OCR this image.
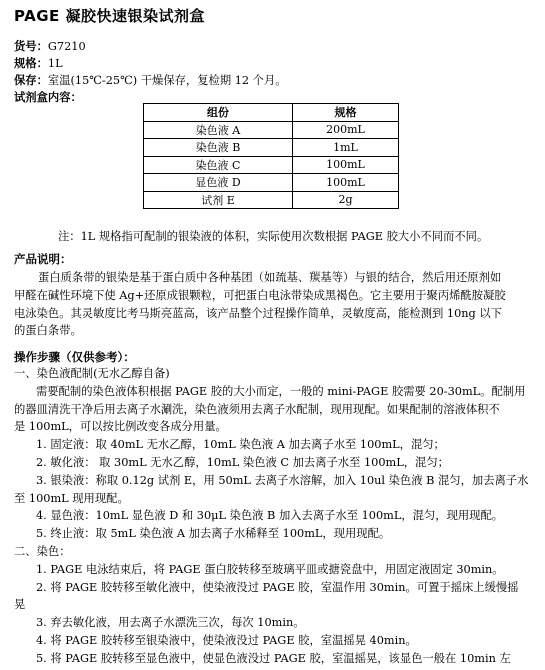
PAGE 凝胶快速银染试剂盒
货号：G7210
规格：1L
保存：室温(15℃-25℃) 干燥保存，复检期 12 个月。
试剂盒内容：
组份	规格
染色液 A	200mL
染色液 B	1mL
染色液 C	100mL
显色液 D	100mL
试剂 E	2g
注：1L 规格指可配制的银染液的体积，实际使用次数根据 PAGE 胶大小不同而不同。
产品说明：

蛋白质条带的银染是基于蛋白质中各种基团（如巯基、羰基等）与银的结合，然后用还原剂如

甲醛在碱性环境下使 Ag+还原成银颗粒，可把蛋白电泳带染成黑褐色。它主要用于聚丙烯酰胺凝胶

电泳染色。其灵敏度比考马斯亮蓝高，该产品整个过程操作简单，灵敏度高，能检测到 10ng 以下

的蛋白条带。

操作步骤（仅供参考）：

一、染色液配制(无水乙醇自备)

需要配制的染色液体积根据 PAGE 胶的大小而定，一般的 mini-PAGE 胶需要 20-30mL。配制用

的器皿清洗干净后用去离子水涮洗，染色液须用去离子水配制，现用现配。如果配制的溶液体积不

是 100mL，可以按比例改变各成分用量。

1. 固定液：取 40mL 无水乙醇，10mL 染色液 A 加去离子水至 100mL，混匀；

2. 敏化液： 取 30mL 无水乙醇，10mL 染色液 C 加去离子水至 100mL，混匀；

3. 银染液：称取 0.12g 试剂 E，用 50mL 去离子水溶解，加入 10ul 染色液 B 混匀，加去离子水

至 100mL 现用现配。

4. 显色液：10mL 显色液 D 和 30μL 染色液 B 加入去离子水至 100mL，混匀，现用现配。

5. 终止液：取 5mL 染色液 A 加去离子水稀释至 100mL，现用现配。

二、染色：

1. PAGE 电泳结束后，将 PAGE 蛋白胶转移至玻璃平皿或搪瓷盘中，用固定液固定 30min。

2. 将 PAGE 胶转移至敏化液中，使染液没过 PAGE 胶，室温作用 30min。可置于摇床上缓慢摇

晃

3. 弃去敏化液，用去离子水漂洗三次，每次 10min。

4. 将 PAGE 胶转移至银染液中，使染液没过 PAGE 胶，室温摇晃 40min。

5. 将 PAGE 胶转移至显色液中，使显色液没过 PAGE 胶，室温摇晃，该显色一般在 10min 左
